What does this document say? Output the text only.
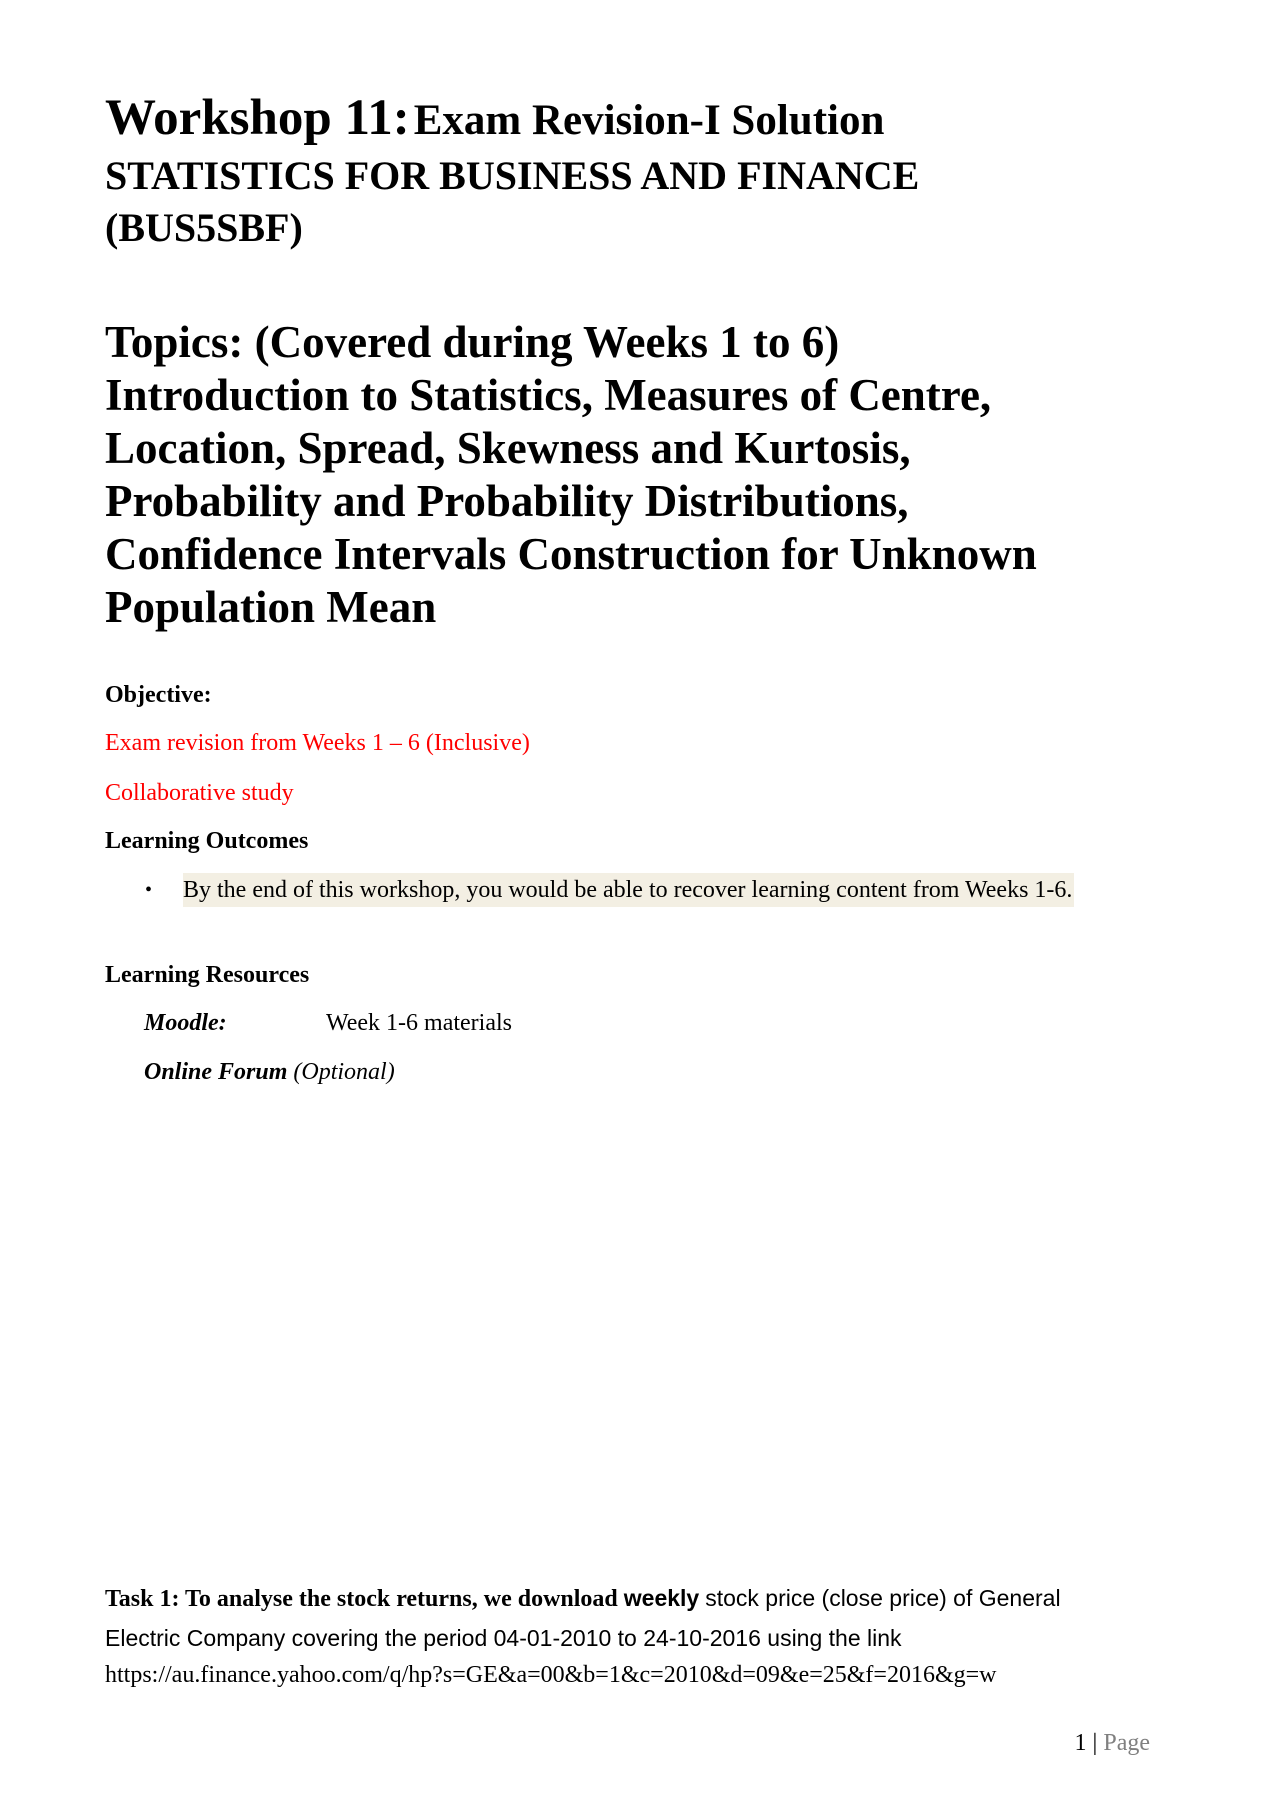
Workshop 11: Exam Revision-I Solution
STATISTICS FOR BUSINESS AND FINANCE
(BUS5SBF)
Topics: (Covered during Weeks 1 to 6)
Introduction to Statistics, Measures of Centre,
Location, Spread, Skewness and Kurtosis,
Probability and Probability Distributions,
Confidence Intervals Construction for Unknown
Population Mean
Objective:
Exam revision from Weeks 1 – 6 (Inclusive)
Collaborative study
Learning Outcomes
•	By the end of this workshop, you would be able to recover learning content from Weeks 1-6.
Learning Resources
Moodle:	Week 1-6 materials
Online Forum (Optional)
Task 1: To analyse the stock returns, we download weekly stock price (close price) of General
Electric Company covering the period 04-01-2010 to 24-10-2016 using the link
https://au.finance.yahoo.com/q/hp?s=GE&a=00&b=1&c=2010&d=09&e=25&f=2016&g=w
1 | Page
